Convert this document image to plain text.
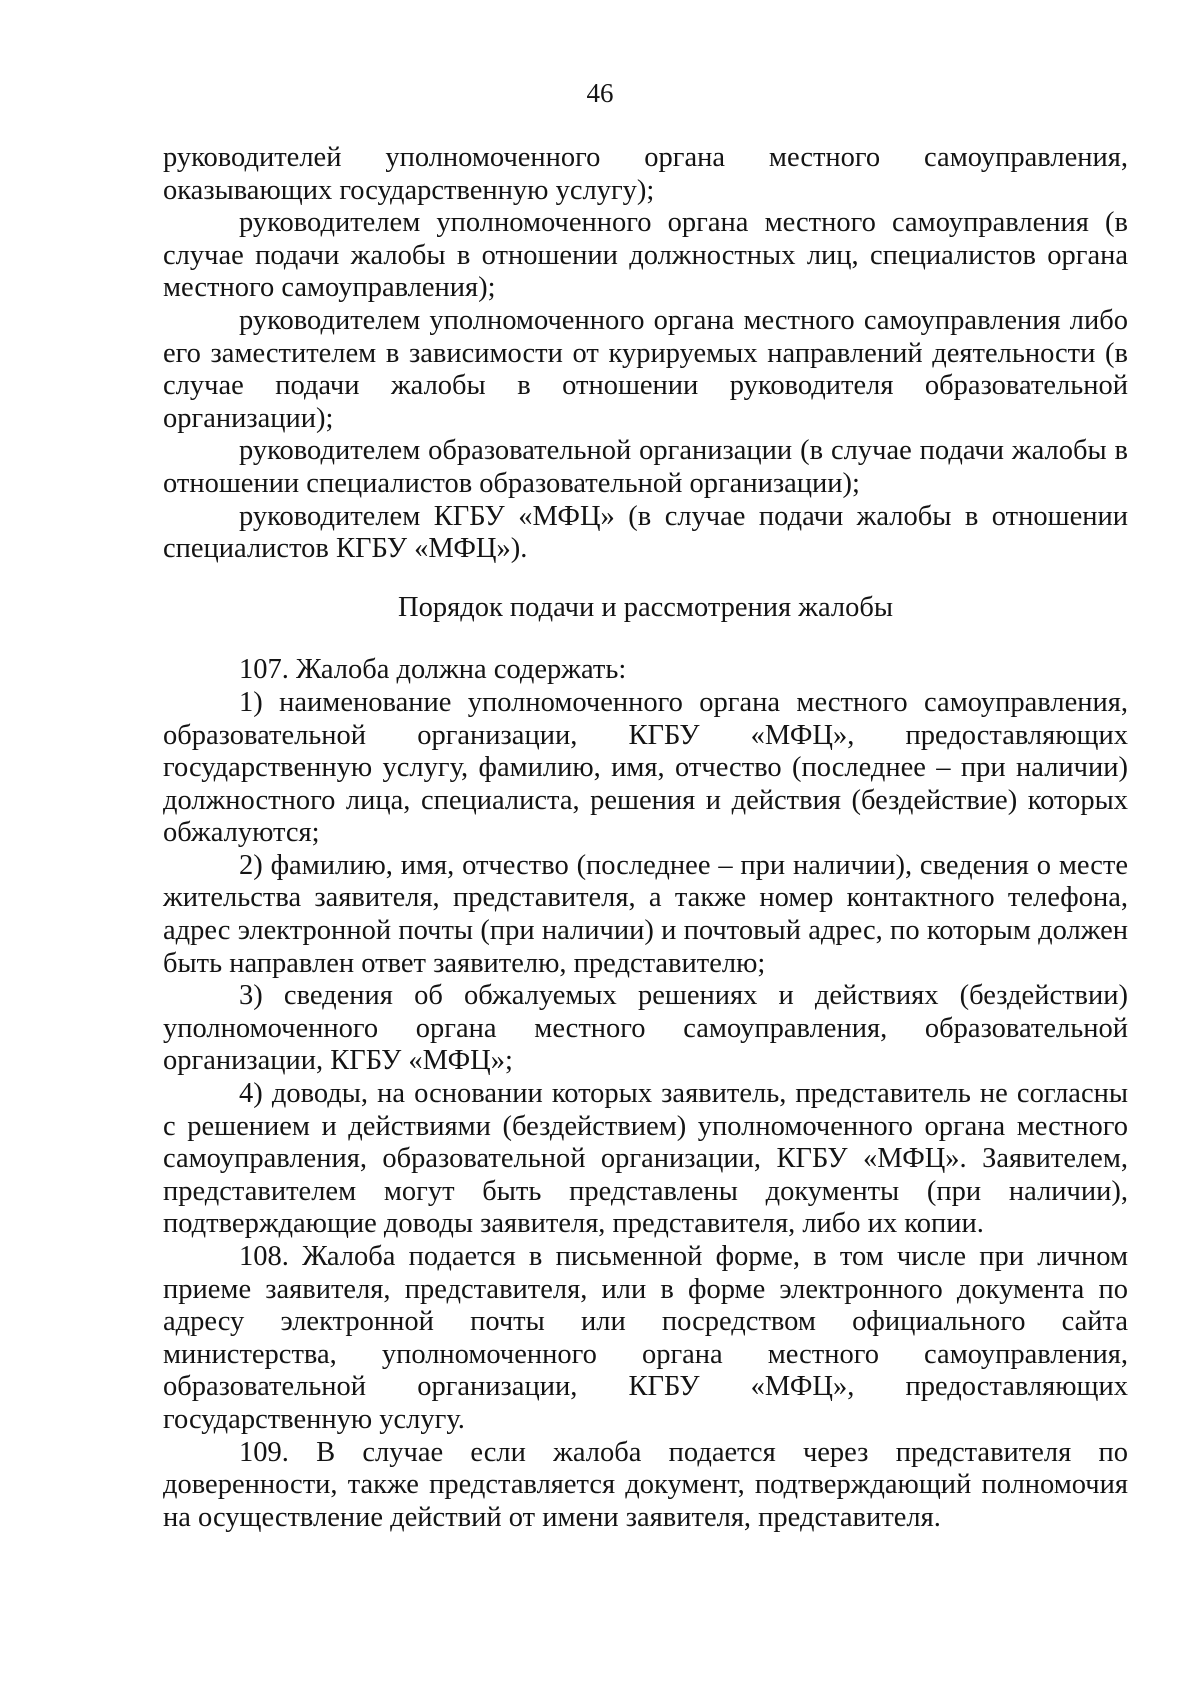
46

руководителей уполномоченного органа местного самоуправления, оказывающих государственную услугу);

руководителем уполномоченного органа местного самоуправления (в случае подачи жалобы в отношении должностных лиц, специалистов органа местного самоуправления);

руководителем уполномоченного органа местного самоуправления либо его заместителем в зависимости от курируемых направлений деятельности (в случае подачи жалобы в отношении руководителя образовательной организации);

руководителем образовательной организации (в случае подачи жалобы в отношении специалистов образовательной организации);

руководителем КГБУ «МФЦ» (в случае подачи жалобы в отношении специалистов КГБУ «МФЦ»).

Порядок подачи и рассмотрения жалобы

107. Жалоба должна содержать:

1) наименование уполномоченного органа местного самоуправления, образовательной организации, КГБУ «МФЦ», предоставляющих государственную услугу, фамилию, имя, отчество (последнее – при наличии) должностного лица, специалиста, решения и действия (бездействие) которых обжалуются;

2) фамилию, имя, отчество (последнее – при наличии), сведения о месте жительства заявителя, представителя, а также номер контактного телефона, адрес электронной почты (при наличии) и почтовый адрес, по которым должен быть направлен ответ заявителю, представителю;

3) сведения об обжалуемых решениях и действиях (бездействии) уполномоченного органа местного самоуправления, образовательной организации, КГБУ «МФЦ»;

4) доводы, на основании которых заявитель, представитель не согласны с решением и действиями (бездействием) уполномоченного органа местного самоуправления, образовательной организации, КГБУ «МФЦ». Заявителем, представителем могут быть представлены документы (при наличии), подтверждающие доводы заявителя, представителя, либо их копии.

108. Жалоба подается в письменной форме, в том числе при личном приеме заявителя, представителя, или в форме электронного документа по адресу электронной почты или посредством официального сайта министерства, уполномоченного органа местного самоуправления, образовательной организации, КГБУ «МФЦ», предоставляющих государственную услугу.

109. В случае если жалоба подается через представителя по доверенности, также представляется документ, подтверждающий полномочия на осуществление действий от имени заявителя, представителя.
